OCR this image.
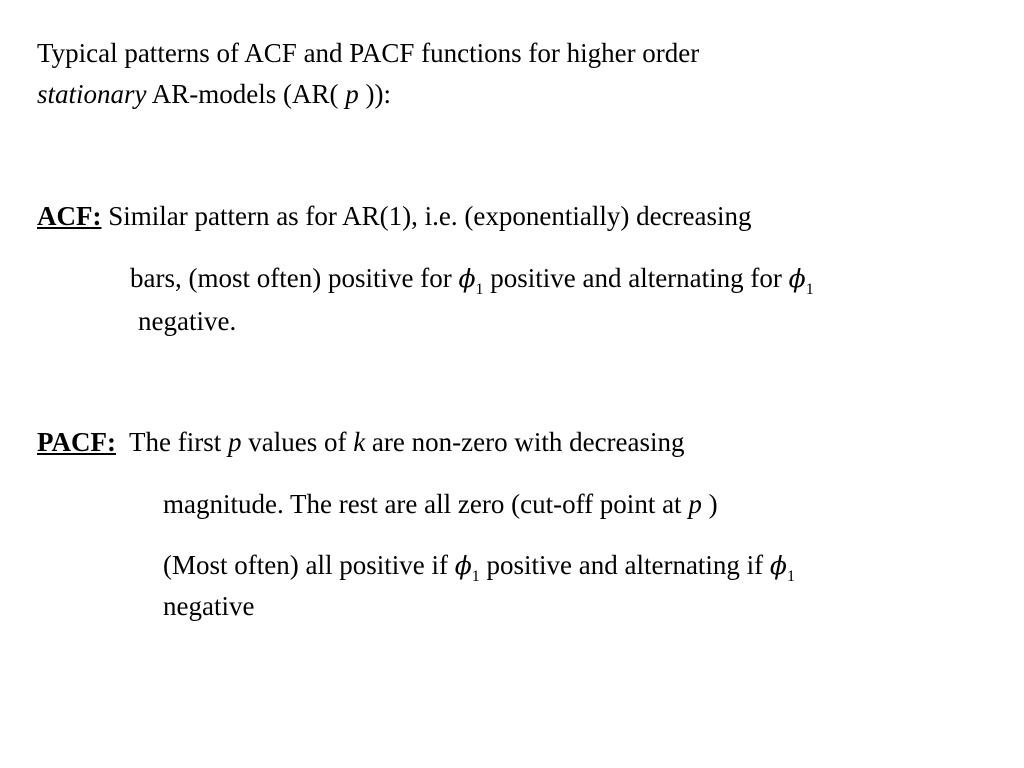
Typical patterns of ACF and PACF functions for higher order
stationary AR-models (AR( p )):
ACF: Similar pattern as for AR(1), i.e. (exponentially) decreasing
bars, (most often) positive for $\phi_1$ positive and alternating for $\phi_1$
negative.
PACF:  The first p values of k are non-zero with decreasing
magnitude. The rest are all zero (cut-off point at p )
(Most often) all positive if $\phi_1$ positive and alternating if $\phi_1$
negative
